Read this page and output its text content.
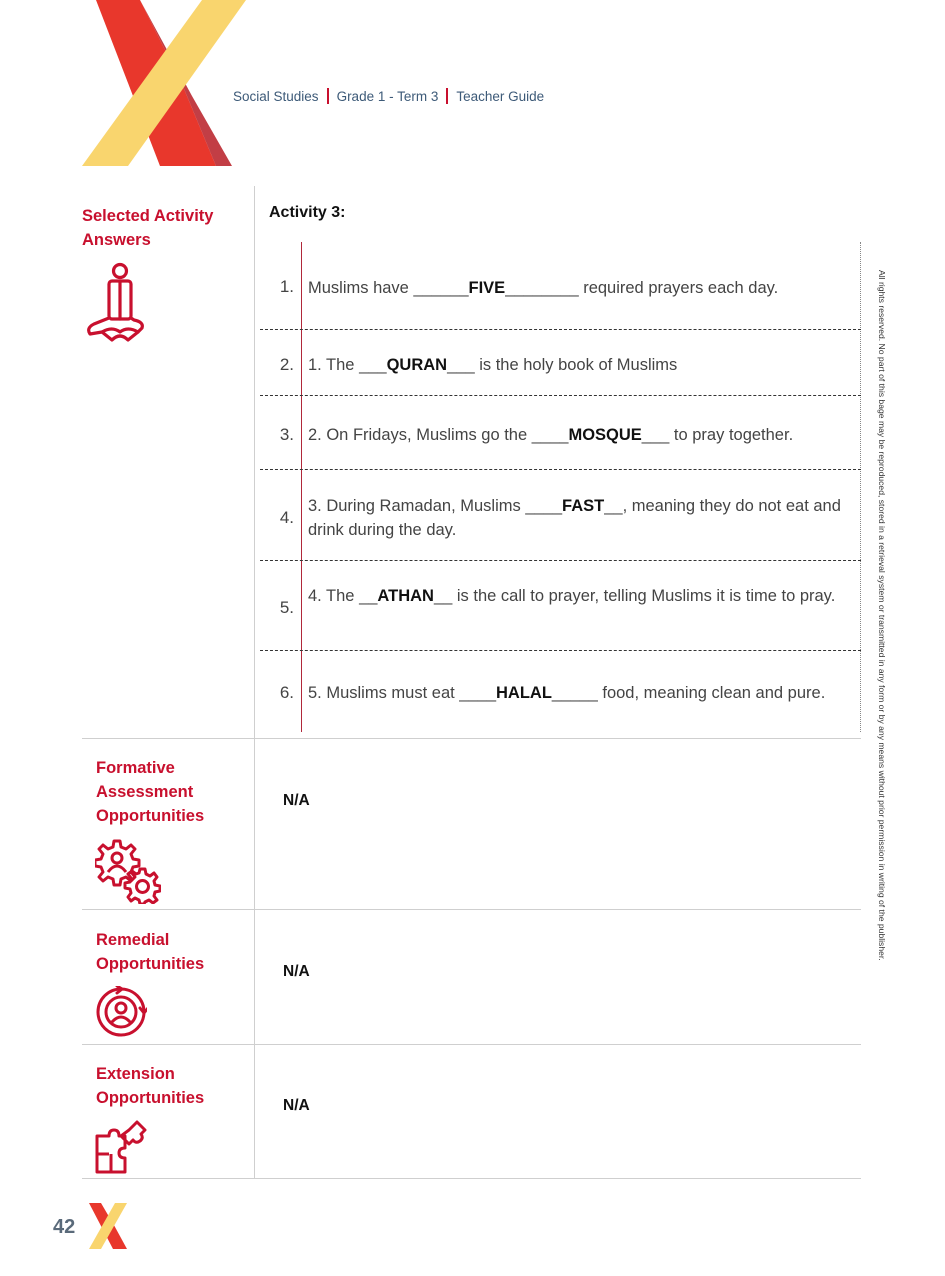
Social Studies Grade 1 - Term 3 Teacher Guide
Selected Activity
Answers
Activity 3:
1. Muslims have ______FIVE________ required prayers each day.
2. 1. The ___QURAN___ is the holy book of Muslims
3. 2. On Fridays, Muslims go the ____MOSQUE___ to pray together.
4.
3. During Ramadan, Muslims ____FAST__, meaning they do not eat and drink during the day.
5.
4. The __ATHAN__ is the call to prayer, telling Muslims it is time to pray.
6. 5. Muslims must eat ____HALAL_____ food, meaning clean and pure.
Formative
Assessment
Opportunities
N/A
Remedial
Opportunities	N/A
Extension
Opportunities	N/A
All rights reserved. No part of this bage may be reproduced, stored in a retrieval system or transmitted in any form or by any means without prior permission in writing of the publisher.
42
